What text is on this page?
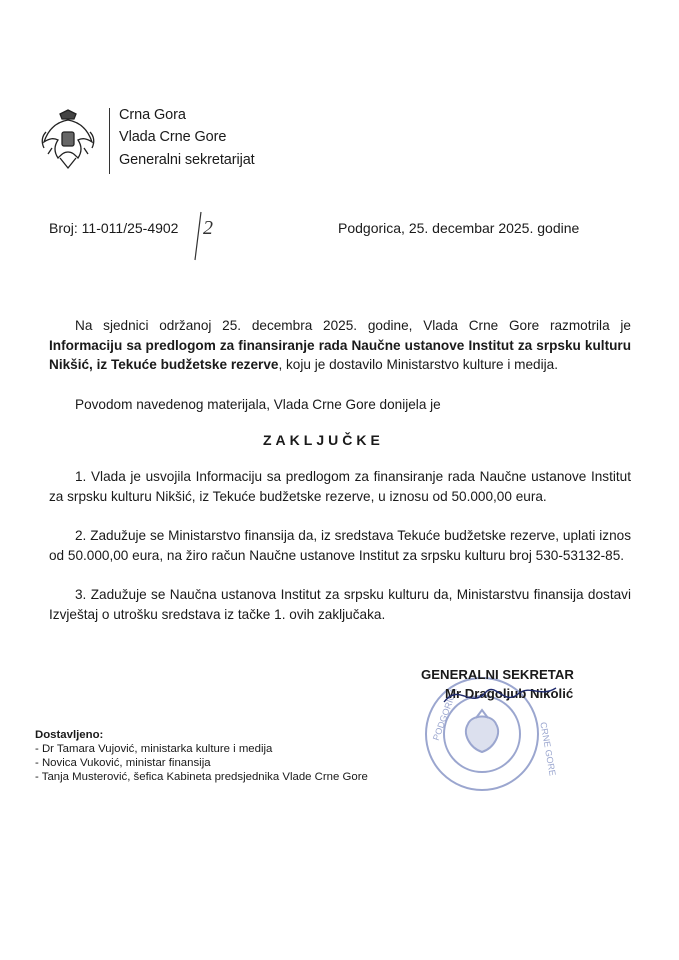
Crna Gora
Vlada Crne Gore
Generalni sekretarijat
Broj: 11-011/25-4902 2	Podgorica, 25. decembar 2025. godine
Na sjednici održanoj 25. decembra 2025. godine, Vlada Crne Gore razmotrila je Informaciju sa predlogom za finansiranje rada Naučne ustanove Institut za srpsku kulturu Nikšić, iz Tekuće budžetske rezerve, koju je dostavilo Ministarstvo kulture i medija.
Povodom navedenog materijala, Vlada Crne Gore donijela je
ZAKLJUČKE
1. Vlada je usvojila Informaciju sa predlogom za finansiranje rada Naučne ustanove Institut za srpsku kulturu Nikšić, iz Tekuće budžetske rezerve, u iznosu od 50.000,00 eura.
2. Zadužuje se Ministarstvo finansija da, iz sredstava Tekuće budžetske rezerve, uplati iznos od 50.000,00 eura, na žiro račun Naučne ustanove Institut za srpsku kulturu broj 530-53132-85.
3. Zadužuje se Naučna ustanova Institut za srpsku kulturu da, Ministarstvu finansija dostavi Izvještaj o utrošku sredstava iz tačke 1. ovih zaključaka.
PODGORICA
CRNE GORE
GENERALNI SEKRETAR
Mr Dragoljub Nikolić
Dostavljeno:
- Dr Tamara Vujović, ministarka kulture i medija
- Novica Vuković, ministar finansija
- Tanja Musterović, šefica Kabineta predsjednika Vlade Crne Gore
